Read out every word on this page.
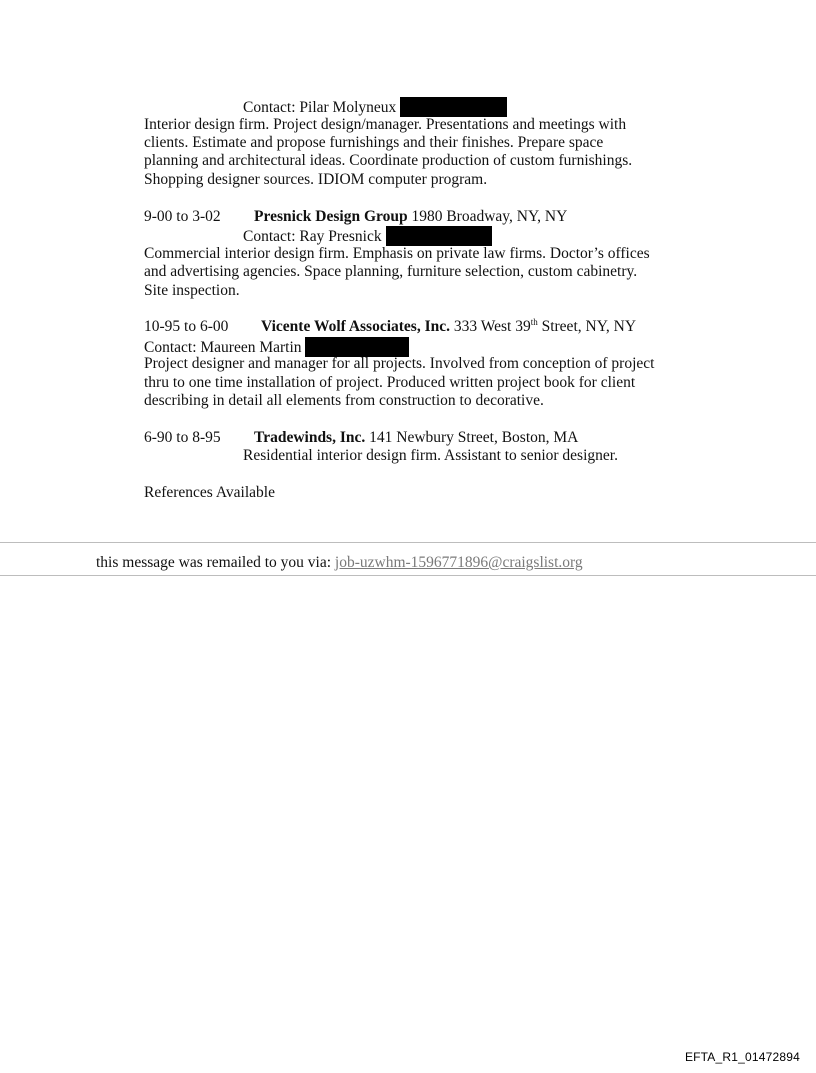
Contact: Pilar Molyneux
Interior design firm. Project design/manager. Presentations and meetings with
clients. Estimate and propose furnishings and their finishes. Prepare space
planning and architectural ideas. Coordinate production of custom furnishings.
Shopping designer sources. IDIOM computer program.
9-00 to 3-02 Presnick Design Group 1980 Broadway, NY, NY
Contact: Ray Presnick
Commercial interior design firm. Emphasis on private law firms. Doctor’s offices
and advertising agencies. Space planning, furniture selection, custom cabinetry.
Site inspection.
10-95 to 6-00 Vicente Wolf Associates, Inc. 333 West 39th Street, NY, NY
Contact: Maureen Martin
Project designer and manager for all projects. Involved from conception of project
thru to one time installation of project. Produced written project book for client
describing in detail all elements from construction to decorative.
6-90 to 8-95 Tradewinds, Inc. 141 Newbury Street, Boston, MA
Residential interior design firm. Assistant to senior designer.
References Available
this message was remailed to you via: job-uzwhm-1596771896@craigslist.org
EFTA_R1_01472894
